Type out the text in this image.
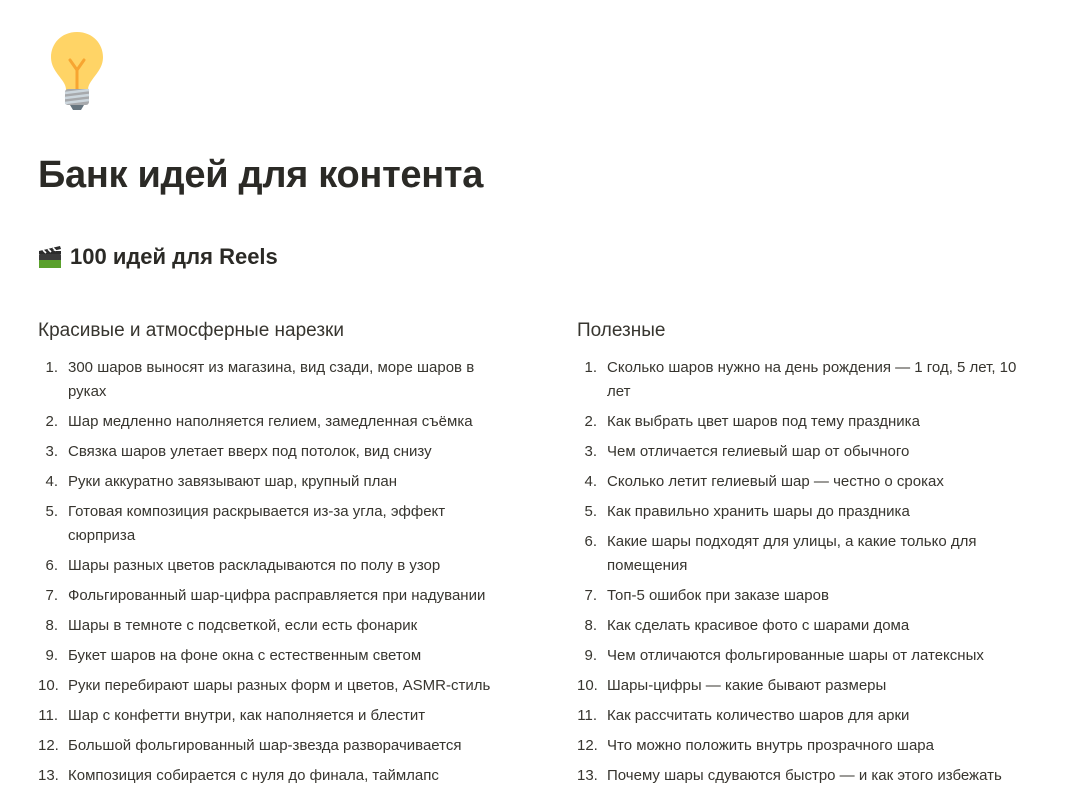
Банк идей для контента
100 идей для Reels
Красивые и атмосферные нарезки
1. 300 шаров выносят из магазина, вид сзади, море шаров в руках
2. Шар медленно наполняется гелием, замедленная съёмка
3. Связка шаров улетает вверх под потолок, вид снизу
4. Руки аккуратно завязывают шар, крупный план
5. Готовая композиция раскрывается из-за угла, эффект сюрприза
6. Шары разных цветов раскладываются по полу в узор
7. Фольгированный шар-цифра расправляется при надувании
8. Шары в темноте с подсветкой, если есть фонарик
9. Букет шаров на фоне окна с естественным светом
10. Руки перебирают шары разных форм и цветов, ASMR-стиль
11. Шар с конфетти внутри, как наполняется и блестит
12. Большой фольгированный шар-звезда разворачивается
13. Композиция собирается с нуля до финала, таймлапс
Полезные
1. Сколько шаров нужно на день рождения — 1 год, 5 лет, 10 лет
2. Как выбрать цвет шаров под тему праздника
3. Чем отличается гелиевый шар от обычного
4. Сколько летит гелиевый шар — честно о сроках
5. Как правильно хранить шары до праздника
6. Какие шары подходят для улицы, а какие только для помещения
7. Топ-5 ошибок при заказе шаров
8. Как сделать красивое фото с шарами дома
9. Чем отличаются фольгированные шары от латексных
10. Шары-цифры — какие бывают размеры
11. Как рассчитать количество шаров для арки
12. Что можно положить внутрь прозрачного шара
13. Почему шары сдуваются быстро — и как этого избежать
